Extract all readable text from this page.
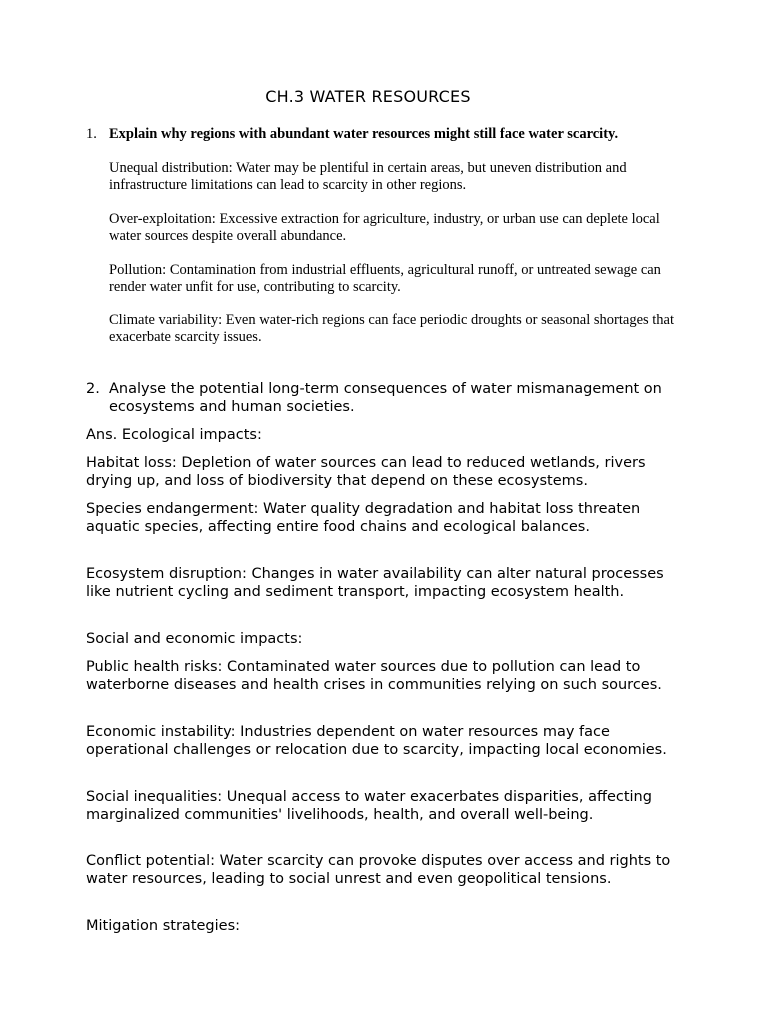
CH.3 WATER RESOURCES
1. Explain why regions with abundant water resources might still face water scarcity.

Unequal distribution: Water may be plentiful in certain areas, but uneven distribution and infrastructure limitations can lead to scarcity in other regions.

Over-exploitation: Excessive extraction for agriculture, industry, or urban use can deplete local water sources despite overall abundance.

Pollution: Contamination from industrial effluents, agricultural runoff, or untreated sewage can render water unfit for use, contributing to scarcity.

Climate variability: Even water-rich regions can face periodic droughts or seasonal shortages that exacerbate scarcity issues.

2. Analyse the potential long-term consequences of water mismanagement on ecosystems and human societies.

Ans. Ecological impacts:

Habitat loss: Depletion of water sources can lead to reduced wetlands, rivers drying up, and loss of biodiversity that depend on these ecosystems.

Species endangerment: Water quality degradation and habitat loss threaten aquatic species, affecting entire food chains and ecological balances.

Ecosystem disruption: Changes in water availability can alter natural processes like nutrient cycling and sediment transport, impacting ecosystem health.

Social and economic impacts:

Public health risks: Contaminated water sources due to pollution can lead to waterborne diseases and health crises in communities relying on such sources.

Economic instability: Industries dependent on water resources may face operational challenges or relocation due to scarcity, impacting local economies.

Social inequalities: Unequal access to water exacerbates disparities, affecting marginalized communities' livelihoods, health, and overall well-being.

Conflict potential: Water scarcity can provoke disputes over access and rights to water resources, leading to social unrest and even geopolitical tensions.

Mitigation strategies:
